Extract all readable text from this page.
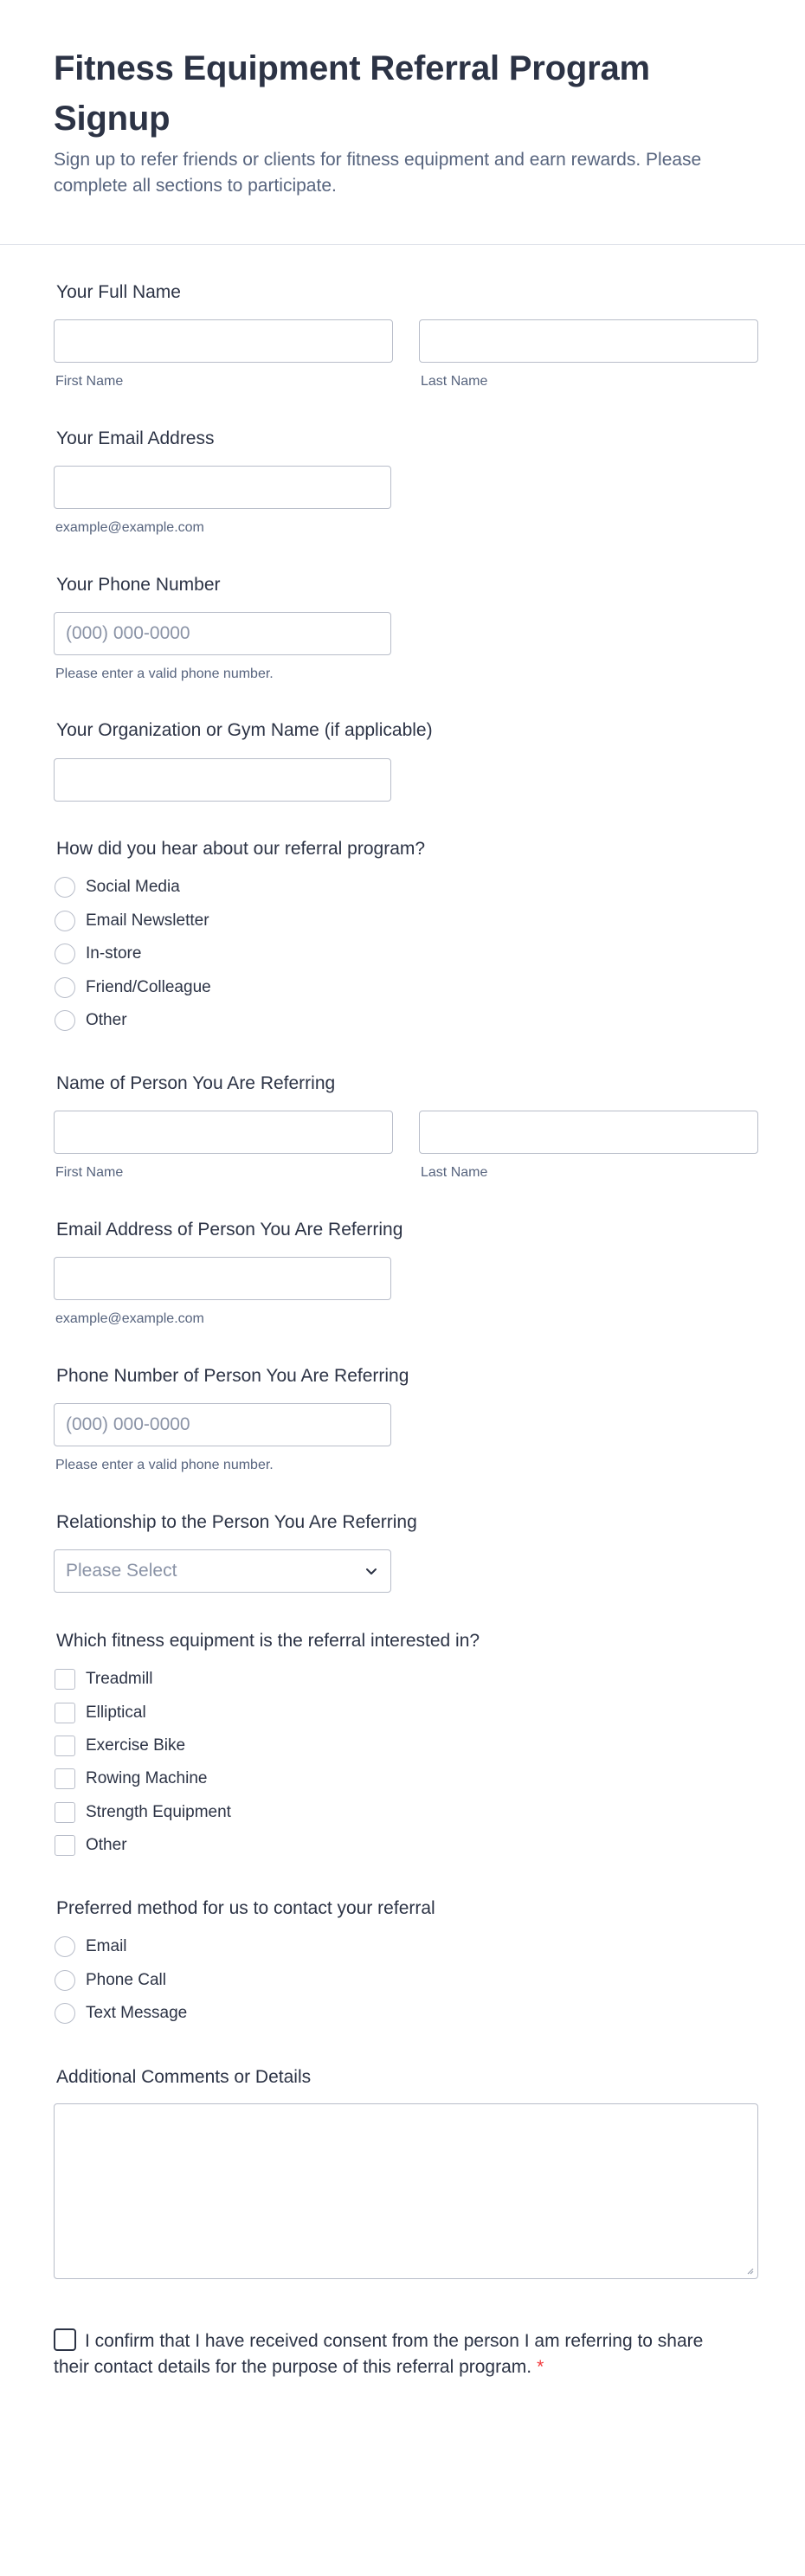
Fitness Equipment Referral Program Signup

Sign up to refer friends or clients for fitness equipment and earn rewards. Please complete all sections to participate.

Your Full Name
First Name	Last Name
Your Email Address
example@example.com
Your Phone Number
(000) 000-0000
Please enter a valid phone number.
Your Organization or Gym Name (if applicable)
How did you hear about our referral program?
Social Media
Email Newsletter
In-store
Friend/Colleague
Other
Name of Person You Are Referring
First Name	Last Name
Email Address of Person You Are Referring
example@example.com
Phone Number of Person You Are Referring
(000) 000-0000
Please enter a valid phone number.
Relationship to the Person You Are Referring
Please Select
Which fitness equipment is the referral interested in?
Treadmill
Elliptical
Exercise Bike
Rowing Machine
Strength Equipment
Other
Preferred method for us to contact your referral
Email
Phone Call
Text Message
Additional Comments or Details
I confirm that I have received consent from the person I am referring to share their contact details for the purpose of this referral program. *
